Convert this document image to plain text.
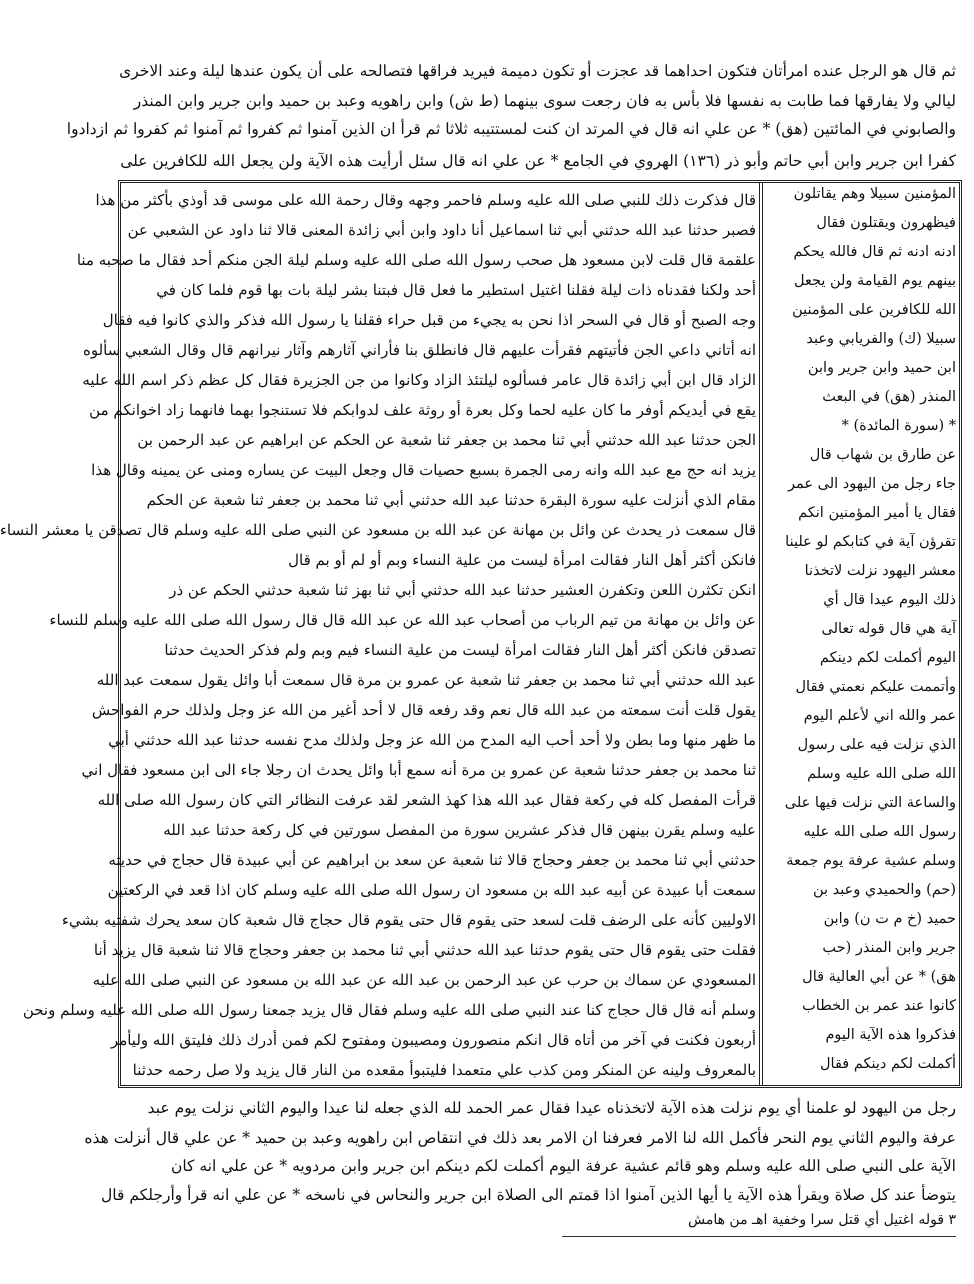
ثم قال هو الرجل عنده امرأتان فتكون احداهما قد عجزت أو تكون دميمة فيريد فراقها فتصالحه على أن يكون عندها ليلة وعند الاخرى
ليالي ولا يفارقها فما طابت به نفسها فلا بأس به فان رجعت سوى بينهما (ط ش) وابن راهويه وعبد بن حميد وابن جرير وابن المنذر
والصابوني في المائتين (هق) * عن علي انه قال في المرتد ان كنت لمستتيبه ثلاثا ثم قرأ ان الذين آمنوا ثم كفروا ثم آمنوا ثم كفروا ثم ازدادوا
كفرا ابن جرير وابن أبي حاتم وأبو ذر (١٣٦) الهروي في الجامع * عن علي انه قال سئل أرأيت هذه الآية ولن يجعل الله للكافرين على
قال فذكرت ذلك للنبي صلى الله عليه وسلم فاحمر وجهه وقال رحمة الله على موسى قد أوذي بأكثر من هذا
فصبر حدثنا عبد الله حدثني أبي ثنا اسماعيل أنا داود وابن أبي زائدة المعنى قالا ثنا داود عن الشعبي عن
علقمة قال قلت لابن مسعود هل صحب رسول الله صلى الله عليه وسلم ليلة الجن منكم أحد فقال ما صحبه منا
أحد ولكنا فقدناه ذات ليلة فقلنا اغتيل استطير ما فعل قال فبتنا بشر ليلة بات بها قوم فلما كان في
وجه الصبح أو قال في السحر اذا نحن به يجيء من قبل حراء فقلنا يا رسول الله فذكر والذي كانوا فيه فقال
انه أتاني داعي الجن فأتيتهم فقرأت عليهم قال فانطلق بنا فأراني آثارهم وآثار نيرانهم قال وقال الشعبي سألوه
الزاد قال ابن أبي زائدة قال عامر فسألوه ليلتئذ الزاد وكانوا من جن الجزيرة فقال كل عظم ذكر اسم الله عليه
يقع في أيديكم أوفر ما كان عليه لحما وكل بعرة أو روثة علف لدوابكم فلا تستنجوا بهما فانهما زاد اخوانكم من
الجن حدثنا عبد الله حدثني أبي ثنا محمد بن جعفر ثنا شعبة عن الحكم عن ابراهيم عن عبد الرحمن بن
يزيد انه حج مع عبد الله وانه رمى الجمرة بسبع حصيات قال وجعل البيت عن يساره ومنى عن يمينه وقال هذا
مقام الذي أنزلت عليه سورة البقرة حدثنا عبد الله حدثني أبي ثنا محمد بن جعفر ثنا شعبة عن الحكم
قال سمعت ذر يحدث عن وائل بن مهانة عن عبد الله بن مسعود عن النبي صلى الله عليه وسلم قال تصدقن يا معشر النساء
فانكن أكثر أهل النار فقالت امرأة ليست من علية النساء وبم أو لم أو بم قال
انكن تكثرن اللعن وتكفرن العشير حدثنا عبد الله حدثني أبي ثنا بهز ثنا شعبة حدثني الحكم عن ذر
عن وائل بن مهانة من تيم الرباب من أصحاب عبد الله عن عبد الله قال قال رسول الله صلى الله عليه وسلم للنساء
تصدقن فانكن أكثر أهل النار فقالت امرأة ليست من علية النساء فيم وبم ولم فذكر الحديث حدثنا
عبد الله حدثني أبي ثنا محمد بن جعفر ثنا شعبة عن عمرو بن مرة قال سمعت أبا وائل يقول سمعت عبد الله
يقول قلت أنت سمعته من عبد الله قال نعم وقد رفعه قال لا أحد أغير من الله عز وجل ولذلك حرم الفواحش
ما ظهر منها وما بطن ولا أحد أحب اليه المدح من الله عز وجل ولذلك مدح نفسه حدثنا عبد الله حدثني أبي
ثنا محمد بن جعفر حدثنا شعبة عن عمرو بن مرة أنه سمع أبا وائل يحدث ان رجلا جاء الى ابن مسعود فقال اني
قرأت المفصل كله في ركعة فقال عبد الله هذا كهذ الشعر لقد عرفت النظائر التي كان رسول الله صلى الله
عليه وسلم يقرن بينهن قال فذكر عشرين سورة من المفصل سورتين في كل ركعة حدثنا عبد الله
حدثني أبي ثنا محمد بن جعفر وحجاج قالا ثنا شعبة عن سعد بن ابراهيم عن أبي عبيدة قال حجاج في حديثه
سمعت أبا عبيدة عن أبيه عبد الله بن مسعود ان رسول الله صلى الله عليه وسلم كان اذا قعد في الركعتين
الاوليين كأنه على الرضف قلت لسعد حتى يقوم قال حتى يقوم قال حجاج قال شعبة كان سعد يحرك شفتيه بشيء
فقلت حتى يقوم قال حتى يقوم حدثنا عبد الله حدثني أبي ثنا محمد بن جعفر وحجاج قالا ثنا شعبة قال يزيد أنا
المسعودي عن سماك بن حرب عن عبد الرحمن بن عبد الله عن عبد الله بن مسعود عن النبي صلى الله عليه
وسلم أنه قال قال حجاج كنا عند النبي صلى الله عليه وسلم فقال قال يزيد جمعنا رسول الله صلى الله عليه وسلم ونحن
أربعون فكنت في آخر من أتاه قال انكم منصورون ومصيبون ومفتوح لكم فمن أدرك ذلك فليتق الله وليأمر
بالمعروف ولينه عن المنكر ومن كذب علي متعمدا فليتبوأ مقعده من النار قال يزيد ولا صل رحمه حدثنا
المؤمنين سبيلا وهم يقاتلون
فيظهرون ويقتلون فقال
ادنه ادنه ثم قال فالله يحكم
بينهم يوم القيامة ولن يجعل
الله للكافرين على المؤمنين
سبيلا (ك) والفريابي وعبد
ابن حميد وابن جرير وابن
المنذر (هق) في البعث
* (سورة المائدة) *
عن طارق بن شهاب قال
جاء رجل من اليهود الى عمر
فقال يا أمير المؤمنين انكم
تقرؤن آية في كتابكم لو علينا
معشر اليهود نزلت لاتخذنا
ذلك اليوم عيدا قال أي
آية هي قال قوله تعالى
اليوم أكملت لكم دينكم
وأتممت عليكم نعمتي فقال
عمر والله اني لأعلم اليوم
الذي نزلت فيه على رسول
الله صلى الله عليه وسلم
والساعة التي نزلت فيها على
رسول الله صلى الله عليه
وسلم عشية عرفة يوم جمعة
(حم) والحميدي وعبد بن
حميد (خ م ت ن) وابن
جرير وابن المنذر (حب
هق) * عن أبي العالية قال
كانوا عند عمر بن الخطاب
فذكروا هذه الآية اليوم
أكملت لكم دينكم فقال
رجل من اليهود لو علمنا أي يوم نزلت هذه الآية لاتخذناه عيدا فقال عمر الحمد لله الذي جعله لنا عيدا واليوم الثاني نزلت يوم عبد
عرفة واليوم الثاني يوم النحر فأكمل الله لنا الامر فعرفنا ان الامر بعد ذلك في انتقاص ابن راهويه وعبد بن حميد * عن علي قال أنزلت هذه
الآية على النبي صلى الله عليه وسلم وهو قائم عشية عرفة اليوم أكملت لكم دينكم ابن جرير وابن مردويه * عن علي انه كان
يتوضأ عند كل صلاة ويقرأ هذه الآية يا أيها الذين آمنوا اذا قمتم الى الصلاة ابن جرير والنحاس في ناسخه * عن علي انه قرأ وأرجلكم قال
٣ قوله اغتيل أي قتل سرا وخفية اهـ من هامش
